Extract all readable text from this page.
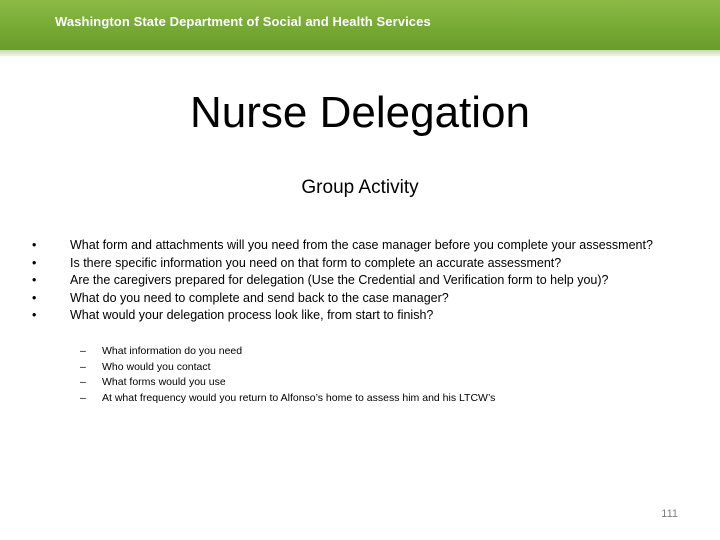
Washington State Department of Social and Health Services
Nurse Delegation
Group Activity
•	What form and attachments will you need from the case manager before you complete your assessment?
•	Is there specific information you need on that form to complete an accurate assessment?
•	Are the caregivers prepared for delegation (Use the Credential and Verification form to help you)?
•	What do you need to complete and send back to the case manager?
•	What would your delegation process look like, from start to finish?
– What information do you need
– Who would you contact
– What forms would you use
– At what frequency would you return to Alfonso’s home to assess him and his LTCW’s
111
